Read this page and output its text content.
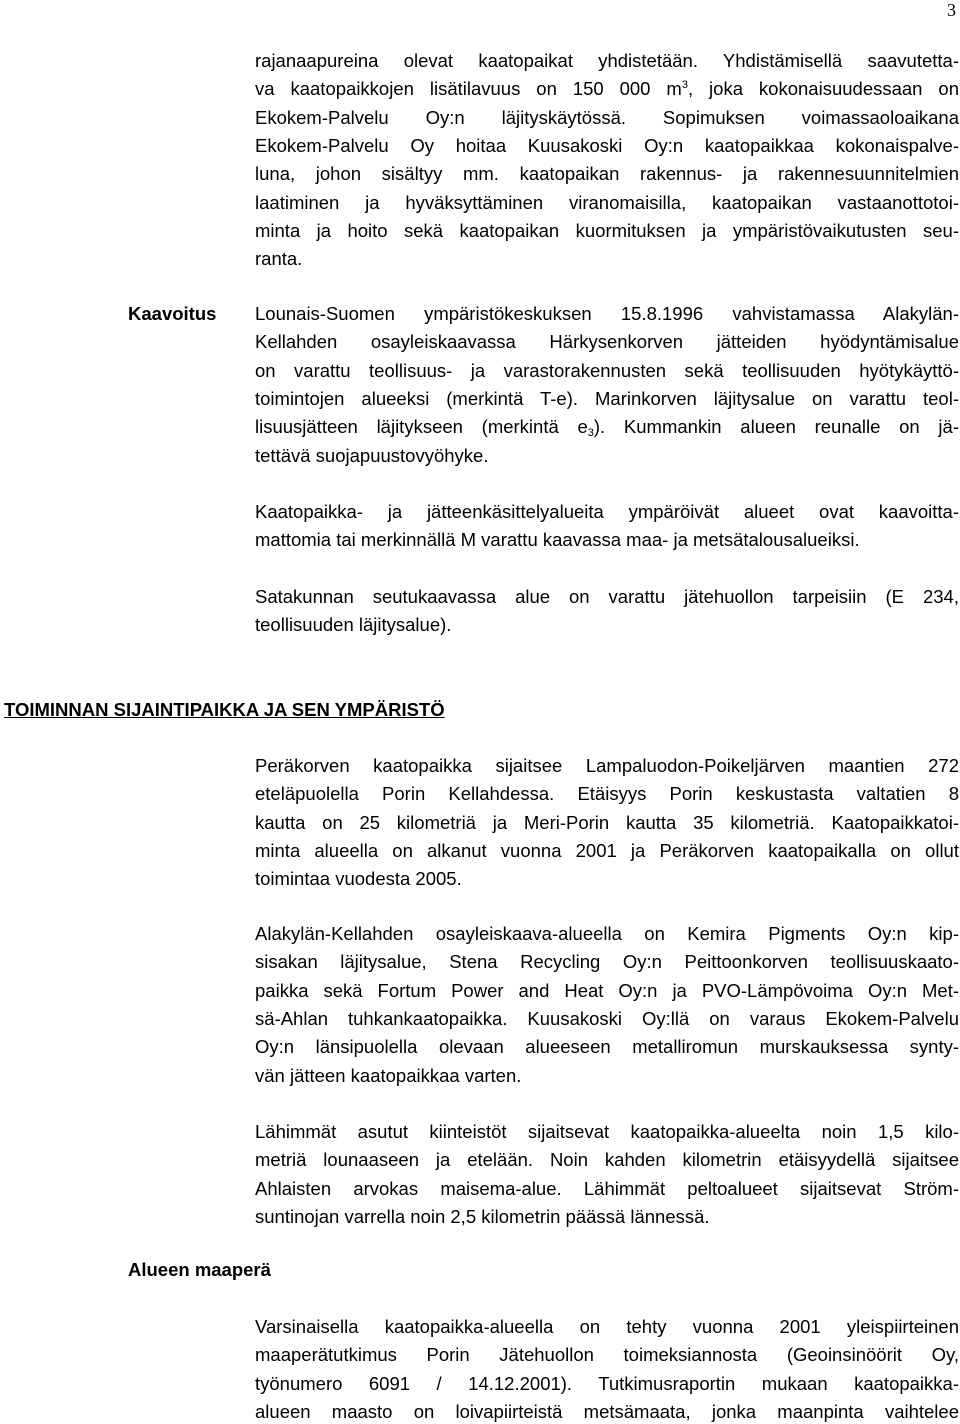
3
rajanaapureina olevat kaatopaikat yhdistetään. Yhdistämisellä saavutetta-
va kaatopaikkojen lisätilavuus on 150 000 $m^3$, joka kokonaisuudessaan on
Ekokem-Palvelu Oy:n läjityskäytössä. Sopimuksen voimassaoloaikana
Ekokem-Palvelu Oy hoitaa Kuusakoski Oy:n kaatopaikkaa kokonaispalve-
luna, johon sisältyy mm. kaatopaikan rakennus- ja rakennesuunnitelmien
laatiminen ja hyväksyttäminen viranomaisilla, kaatopaikan vastaanottotoi-
minta ja hoito sekä kaatopaikan kuormituksen ja ympäristövaikutusten seu-
ranta.
Lounais-Suomen ympäristökeskuksen 15.8.1996 vahvistamassa Alakylän-
Kellahden osayleiskaavassa Härkysenkorven jätteiden hyödyntämisalue
on varattu teollisuus- ja varastorakennusten sekä teollisuuden hyötykäyttö-
toimintojen alueeksi (merkintä T-e). Marinkorven läjitysalue on varattu teol-
lisuusjätteen läjitykseen (merkintä $e_3$). Kummankin alueen reunalle on jä-
tettävä suojapuustovyöhyke.
Kaatopaikka- ja jätteenkäsittelyalueita ympäröivät alueet ovat kaavoitta-
mattomia tai merkinnällä M varattu kaavassa maa- ja metsätalousalueiksi.
Satakunnan seutukaavassa alue on varattu jätehuollon tarpeisiin (E 234,
teollisuuden läjitysalue).
Peräkorven kaatopaikka sijaitsee Lampaluodon-Poikeljärven maantien 272
eteläpuolella Porin Kellahdessa. Etäisyys Porin keskustasta valtatien 8
kautta on 25 kilometriä ja Meri-Porin kautta 35 kilometriä. Kaatopaikkatoi-
minta alueella on alkanut vuonna 2001 ja Peräkorven kaatopaikalla on ollut
toimintaa vuodesta 2005.
Alakylän-Kellahden osayleiskaava-alueella on Kemira Pigments Oy:n kip-
sisakan läjitysalue, Stena Recycling Oy:n Peittoonkorven teollisuuskaato-
paikka sekä Fortum Power and Heat Oy:n ja PVO-Lämpövoima Oy:n Met-
sä-Ahlan tuhkankaatopaikka. Kuusakoski Oy:llä on varaus Ekokem-Palvelu
Oy:n länsipuolella olevaan alueeseen metalliromun murskauksessa synty-
vän jätteen kaatopaikkaa varten.
Lähimmät asutut kiinteistöt sijaitsevat kaatopaikka-alueelta noin 1,5 kilo-
metriä lounaaseen ja etelään. Noin kahden kilometrin etäisyydellä sijaitsee
Ahlaisten arvokas maisema-alue. Lähimmät peltoalueet sijaitsevat Ström-
suntinojan varrella noin 2,5 kilometrin päässä lännessä.
Varsinaisella kaatopaikka-alueella on tehty vuonna 2001 yleispiirteinen
maaperätutkimus Porin Jätehuollon toimeksiannosta (Geoinsinöörit Oy,
työnumero 6091 / 14.12.2001). Tutkimusraportin mukaan kaatopaikka-
alueen maasto on loivapiirteistä metsämaata, jonka maanpinta vaihtelee
Kaavoitus
TOIMINNAN SIJAINTIPAIKKA JA SEN YMPÄRISTÖ
Alueen maaperä
